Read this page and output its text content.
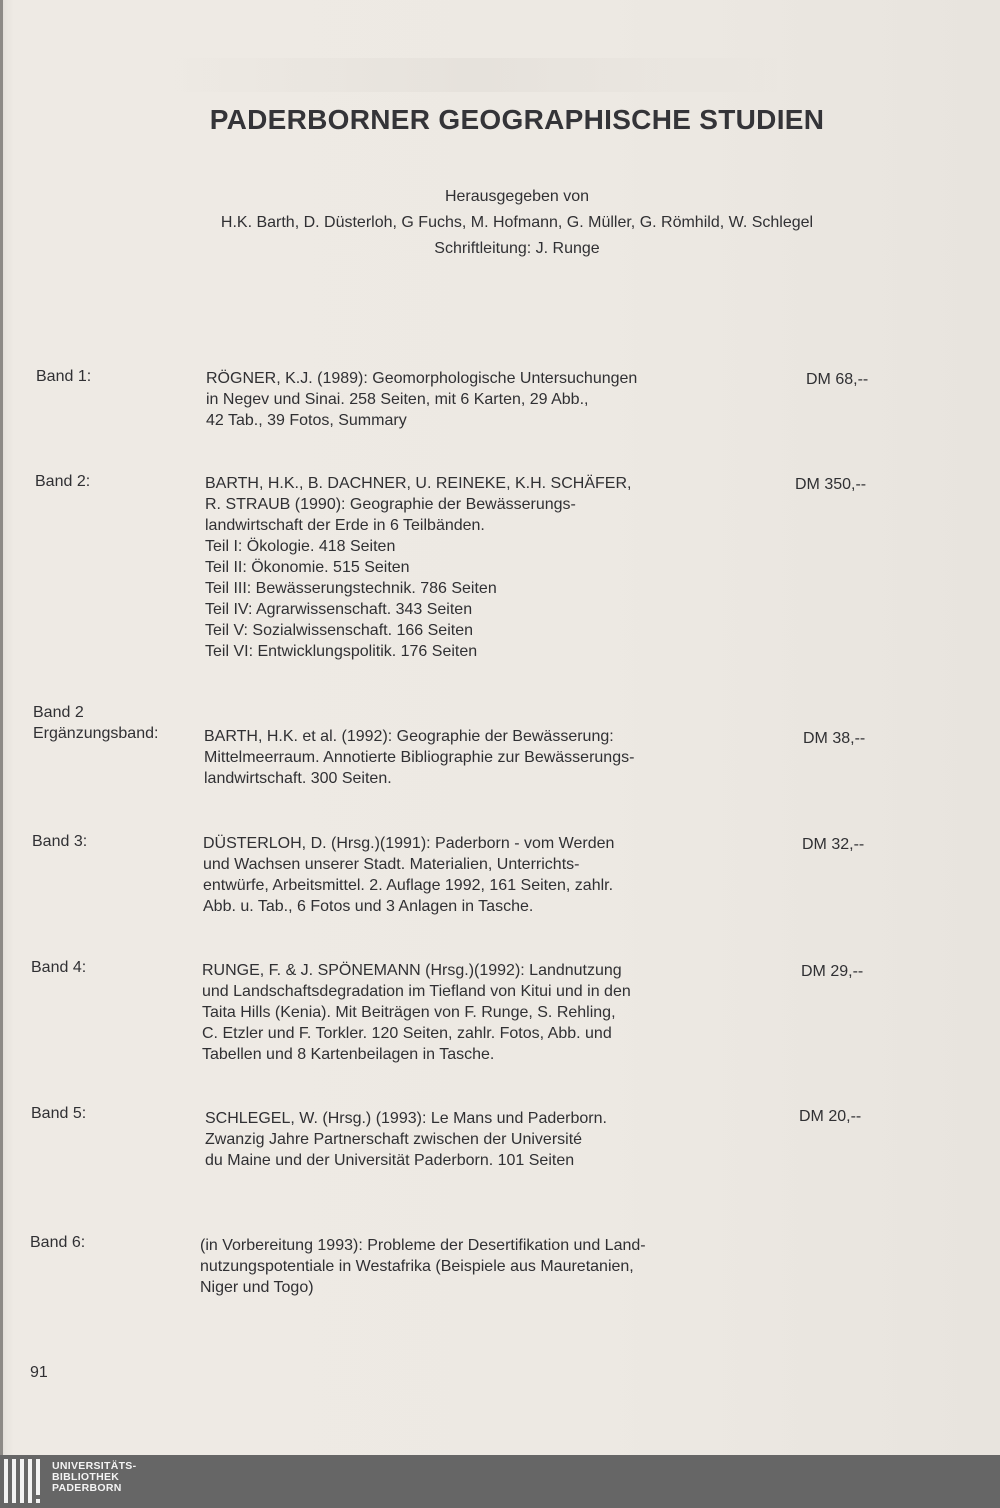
PADERBORNER GEOGRAPHISCHE STUDIEN
Herausgegeben von
H.K. Barth, D. Düsterloh, G Fuchs, M. Hofmann, G. Müller, G. Römhild, W. Schlegel
Schriftleitung: J. Runge
Band 1:	RÖGNER, K.J. (1989): Geomorphologische Untersuchungen
in Negev und Sinai. 258 Seiten, mit 6 Karten, 29 Abb.,
42 Tab., 39 Fotos, Summary
DM 68,--
Band 2:	BARTH, H.K., B. DACHNER, U. REINEKE, K.H. SCHÄFER,
R. STRAUB (1990): Geographie der Bewässerungs-
landwirtschaft der Erde in 6 Teilbänden.
Teil I: Ökologie. 418 Seiten
Teil II: Ökonomie. 515 Seiten
Teil III: Bewässerungstechnik. 786 Seiten
Teil IV: Agrarwissenschaft. 343 Seiten
Teil V: Sozialwissenschaft. 166 Seiten
Teil VI: Entwicklungspolitik. 176 Seiten
DM 350,--
Band 2
Ergänzungsband:	BARTH, H.K. et al. (1992): Geographie der Bewässerung:
Mittelmeerraum. Annotierte Bibliographie zur Bewässerungs-
landwirtschaft. 300 Seiten.
DM 38,--
Band 3:	DÜSTERLOH, D. (Hrsg.)(1991): Paderborn - vom Werden
und Wachsen unserer Stadt. Materialien, Unterrichts-
entwürfe, Arbeitsmittel. 2. Auflage 1992, 161 Seiten, zahlr.
Abb. u. Tab., 6 Fotos und 3 Anlagen in Tasche.
DM 32,--
Band 4:	RUNGE, F. & J. SPÖNEMANN (Hrsg.)(1992): Landnutzung
und Landschaftsdegradation im Tiefland von Kitui und in den
Taita Hills (Kenia). Mit Beiträgen von F. Runge, S. Rehling,
C. Etzler und F. Torkler. 120 Seiten, zahlr. Fotos, Abb. und
Tabellen und 8 Kartenbeilagen in Tasche.
DM 29,--
Band 5:	SCHLEGEL, W. (Hrsg.) (1993): Le Mans und Paderborn.
Zwanzig Jahre Partnerschaft zwischen der Université
du Maine und der Universität Paderborn. 101 Seiten
DM 20,--
Band 6:	(in Vorbereitung 1993): Probleme der Desertifikation und Land-
nutzungspotentiale in Westafrika (Beispiele aus Mauretanien,
Niger und Togo)
91
UNIVERSITÄTS-
BIBLIOTHEK
PADERBORN
